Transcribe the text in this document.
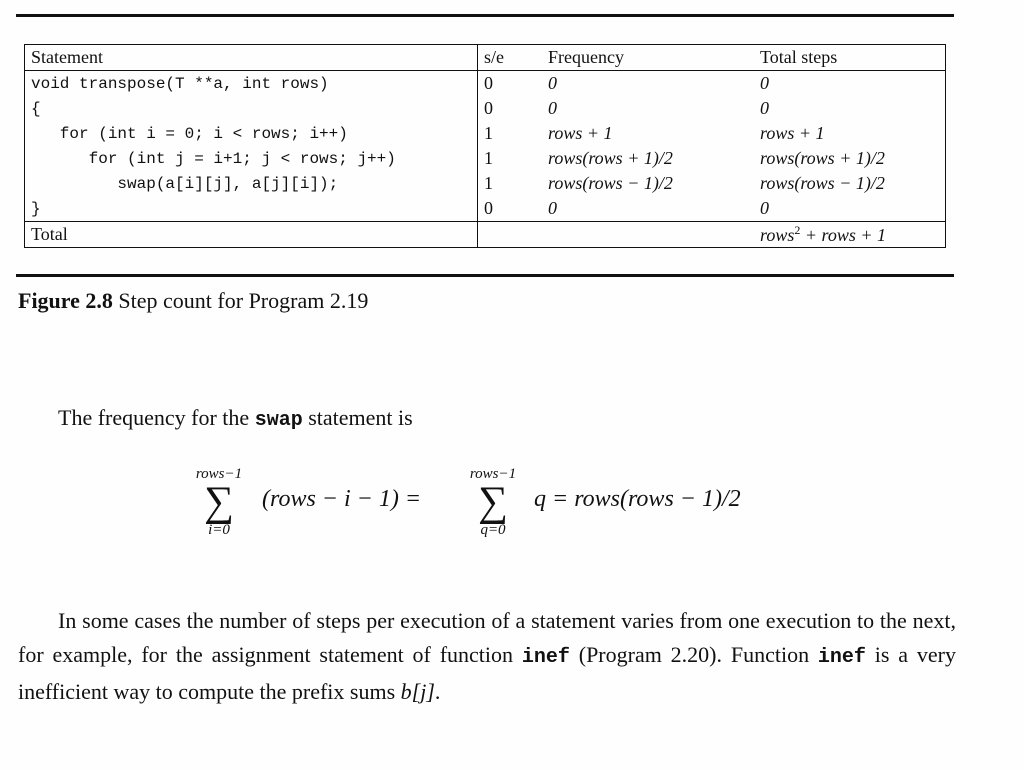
Statement	s/e	Frequency	Total steps
void transpose(T **a, int rows)	0	0	0
{	0	0	0
for (int i = 0; i < rows; i++)	1	rows + 1	rows + 1
for (int j = i+1; j < rows; j++)	1	rows(rows + 1)/2	rows(rows + 1)/2
swap(a[i][j], a[j][i]);	1	rows(rows − 1)/2	rows(rows − 1)/2
}	0	0	0
Total			rows$^2$ + rows + 1
Figure 2.8 Step count for Program 2.19
The frequency for the swap statement is
rows−1
∑
i=0
(rows − i − 1) =
rows−1
∑
q=0
q = rows(rows − 1)/2
In some cases the number of steps per execution of a statement varies from one execution to the next, for example, for the assignment statement of function inef (Program 2.20). Function inef is a very inefficient way to compute the prefix sums b[j].
